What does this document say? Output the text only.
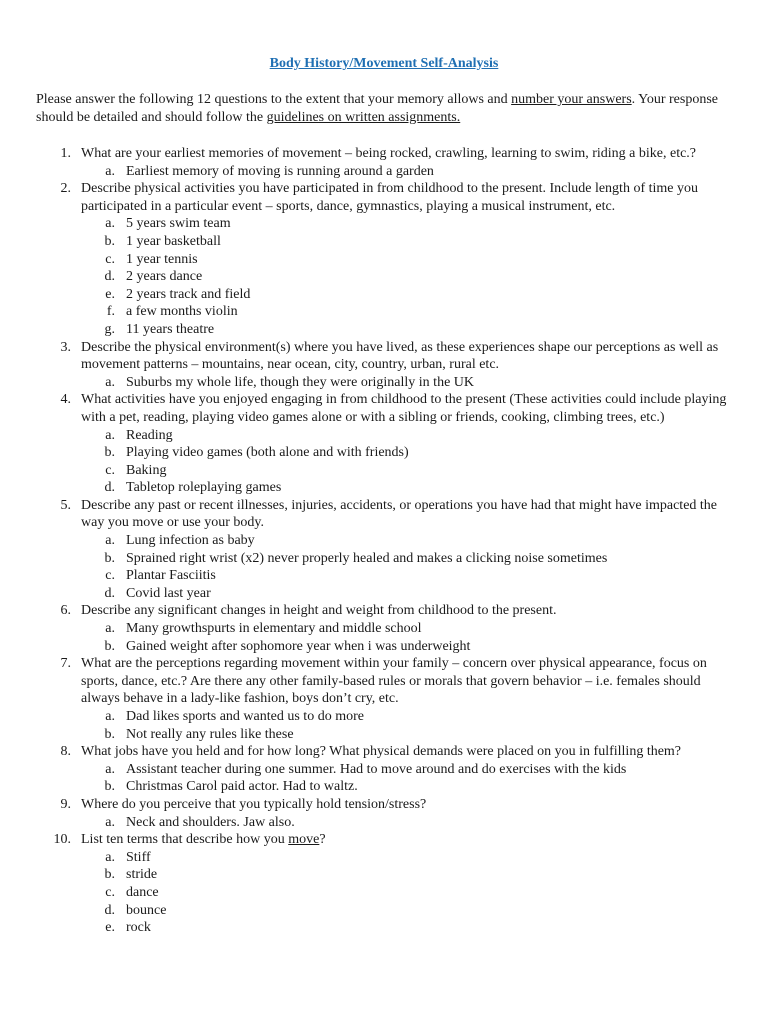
Body History/Movement Self-Analysis

Please answer the following 12 questions to the extent that your memory allows and number your answers. Your response should be detailed and should follow the guidelines on written assignments.

1. What are your earliest memories of movement – being rocked, crawling, learning to swim, riding a bike, etc.?
a. Earliest memory of moving is running around a garden
2. Describe physical activities you have participated in from childhood to the present. Include length of time you participated in a particular event – sports, dance, gymnastics, playing a musical instrument, etc.
a. 5 years swim team
b. 1 year basketball
c. 1 year tennis
d. 2 years dance
e. 2 years track and field
f. a few months violin
g. 11 years theatre
3. Describe the physical environment(s) where you have lived, as these experiences shape our perceptions as well as movement patterns – mountains, near ocean, city, country, urban, rural etc.
a. Suburbs my whole life, though they were originally in the UK
4. What activities have you enjoyed engaging in from childhood to the present (These activities could include playing with a pet, reading, playing video games alone or with a sibling or friends, cooking, climbing trees, etc.)
a. Reading
b. Playing video games (both alone and with friends)
c. Baking
d. Tabletop roleplaying games
5. Describe any past or recent illnesses, injuries, accidents, or operations you have had that might have impacted the way you move or use your body.
a. Lung infection as baby
b. Sprained right wrist (x2) never properly healed and makes a clicking noise sometimes
c. Plantar Fasciitis
d. Covid last year
6. Describe any significant changes in height and weight from childhood to the present.
a. Many growthspurts in elementary and middle school
b. Gained weight after sophomore year when i was underweight
7. What are the perceptions regarding movement within your family – concern over physical appearance, focus on sports, dance, etc.? Are there any other family-based rules or morals that govern behavior – i.e. females should always behave in a lady-like fashion, boys don’t cry, etc.
a. Dad likes sports and wanted us to do more
b. Not really any rules like these
8. What jobs have you held and for how long? What physical demands were placed on you in fulfilling them?
a. Assistant teacher during one summer. Had to move around and do exercises with the kids
b. Christmas Carol paid actor. Had to waltz.
9. Where do you perceive that you typically hold tension/stress?
a. Neck and shoulders. Jaw also.
10. List ten terms that describe how you move?
a. Stiff
b. stride
c. dance
d. bounce
e. rock
